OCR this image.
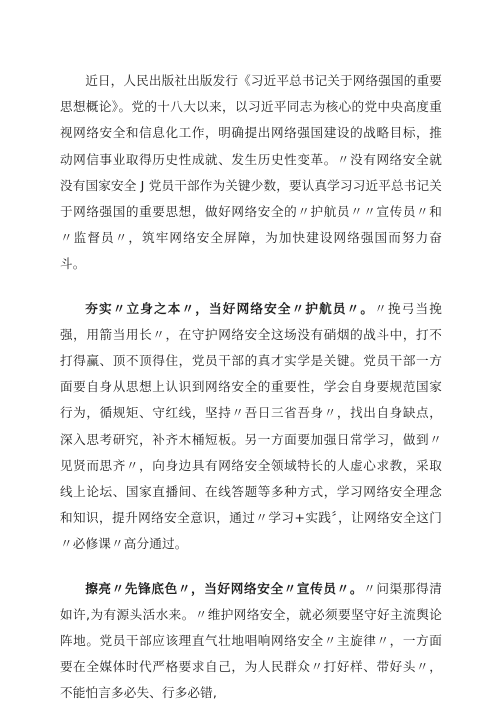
近日，人民出版社出版发行《习近平总书记关于网络强国的重要思想概论》。党的十八大以来，以习近平同志为核心的党中央高度重视网络安全和信息化工作，明确提出网络强国建设的战略目标，推动网信事业取得历史性成就、发生历史性变革。〃没有网络安全就没有国家安全 J 党员干部作为关键少数，要认真学习习近平总书记关于网络强国的重要思想，做好网络安全的〃护航员〃〃宣传员〃和〃监督员〃，筑牢网络安全屏障，为加快建设网络强国而努力奋斗。

夯实〃立身之本〃，当好网络安全〃护航员〃。〃挽弓当挽强，用箭当用长〃，在守护网络安全这场没有硝烟的战斗中，打不打得赢、顶不顶得住，党员干部的真才实学是关键。党员干部一方面要自身从思想上认识到网络安全的重要性，学会自身要规范国家行为，循规矩、守红线，坚持〃吾日三省吾身〃，找出自身缺点，深入思考研究，补齐木桶短板。另一方面要加强日常学习，做到〃见贤而思齐〃，向身边具有网络安全领域特长的人虚心求教，采取线上论坛、国家直播间、在线答题等多种方式，学习网络安全理念和知识，提升网络安全意识，通过〃学习+实践〞，让网络安全这门〃必修课〃高分通过。

擦亮〃先锋底色〃，当好网络安全〃宣传员〃。〃问渠那得清如许,为有源头活水来。〃维护网络安全，就必须要坚守好主流舆论阵地。党员干部应该理直气壮地唱响网络安全〃主旋律〃，一方面要在全媒体时代严格要求自己，为人民群众〃打好样、带好头〃，不能怕言多必失、行多必错,
